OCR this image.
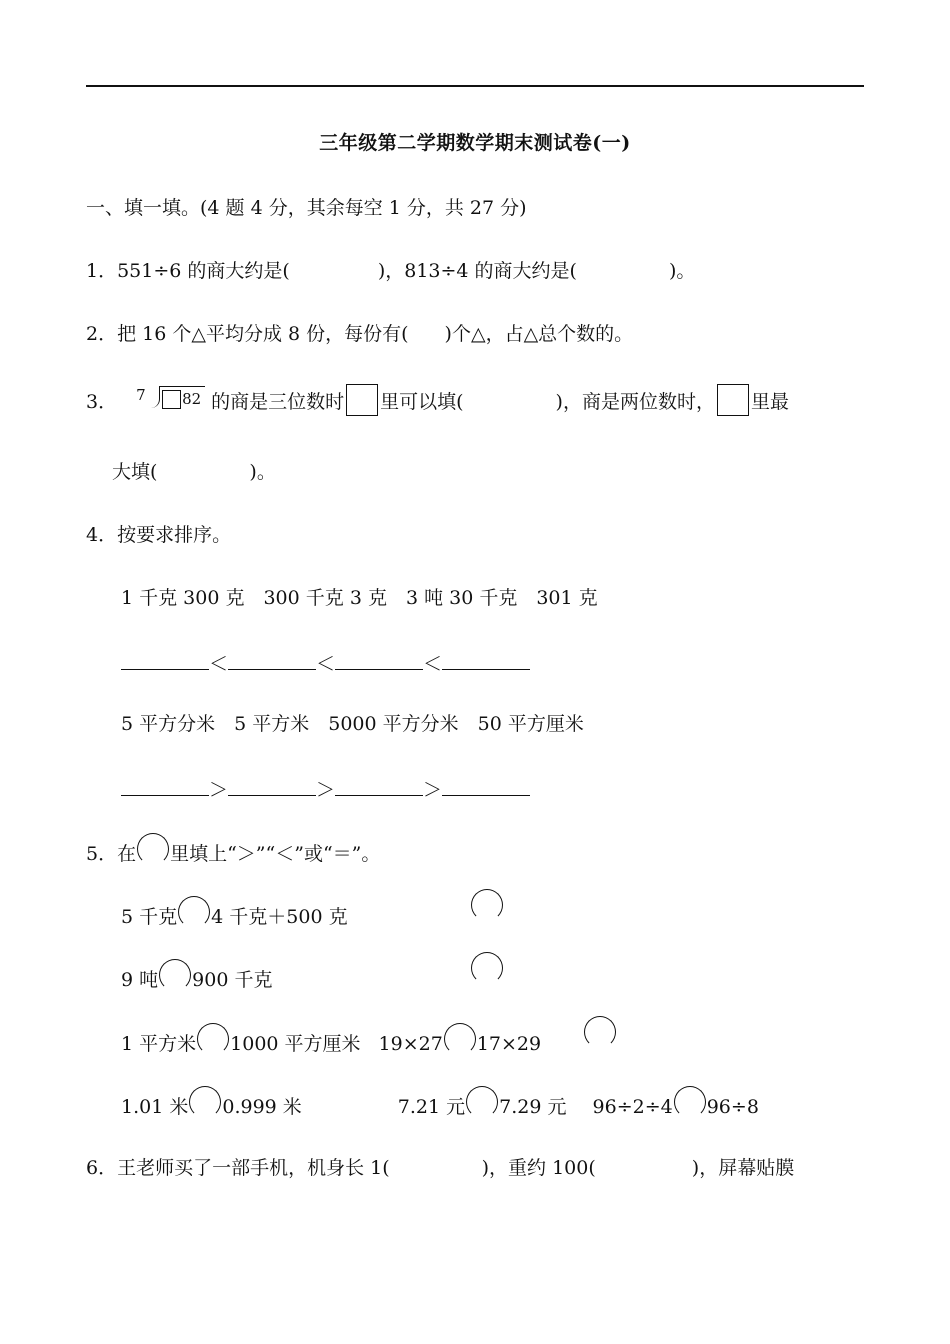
三年级第二学期数学期末测试卷(一)
一、填一填。(4 题 4 分，其余每空 1 分，共 27 分)
1．551÷6 的商大约是(	)，813÷4 的商大约是(	)。
2．把 16 个△平均分成 8 份，每份有( )个△，占△总个数的。
3． 7 82 的商是三位数时 里可以填(	)，商是两位数时， 里最
大填(	)。
4．按要求排序。
1 千克 300 克　300 千克 3 克　3 吨 30 千克　301 克
＜	＜	＜
5 平方分米　5 平方米　5000 平方分米　50 平方厘米
＞	＞	＞
5．在 里填上“＞”“＜”或“＝”。
5 千克 4 千克＋500 克
9 吨 900 千克
1 平方米 1000 平方厘米 19×27 17×29
1.01 米 0.999 米	7.21 元 7.29 元 96÷2÷4 96÷8
6．王老师买了一部手机，机身长 1(	)，重约 100(	)，屏幕贴膜
